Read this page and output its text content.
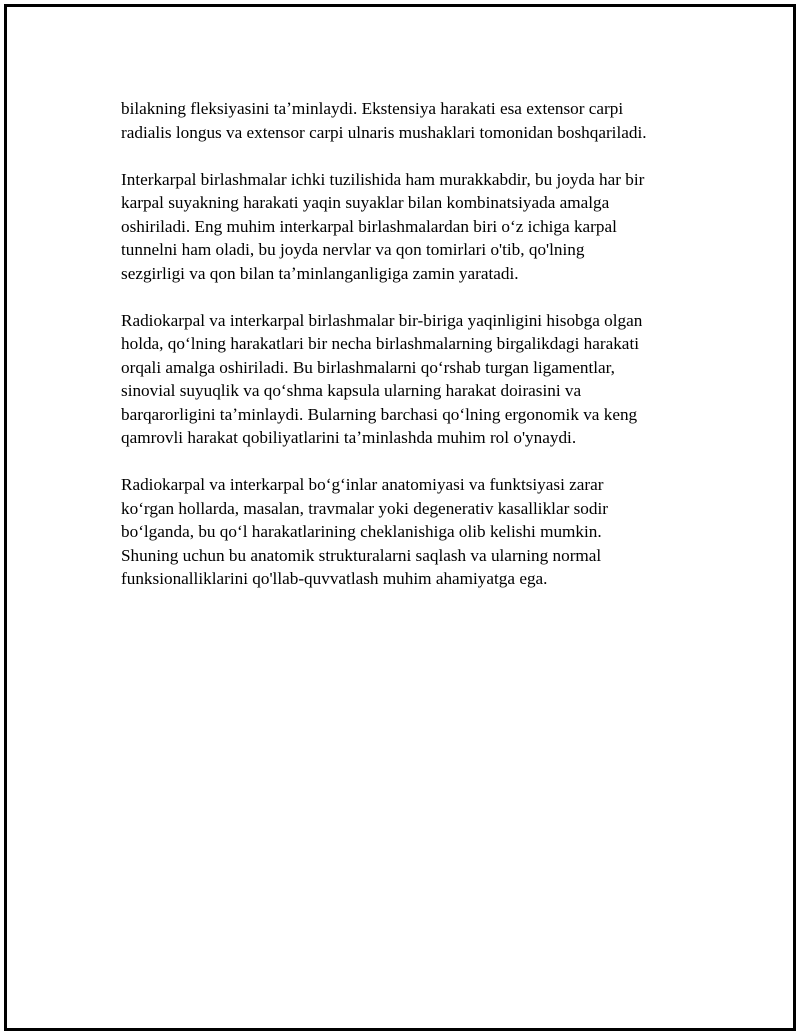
bilakning fleksiyasini taʼminlaydi. Ekstensiya harakati esa extensor carpi
radialis longus va extensor carpi ulnaris mushaklari tomonidan boshqariladi.

Interkarpal birlashmalar ichki tuzilishida ham murakkabdir, bu joyda har bir
karpal suyakning harakati yaqin suyaklar bilan kombinatsiyada amalga
oshiriladi. Eng muhim interkarpal birlashmalardan biri o‘z ichiga karpal
tunnelni ham oladi, bu joyda nervlar va qon tomirlari o'tib, qo'lning
sezgirligi va qon bilan taʼminlanganligiga zamin yaratadi.

Radiokarpal va interkarpal birlashmalar bir-biriga yaqinligini hisobga olgan
holda, qo‘lning harakatlari bir necha birlashmalarning birgalikdagi harakati
orqali amalga oshiriladi. Bu birlashmalarni qo‘rshab turgan ligamentlar,
sinovial suyuqlik va qo‘shma kapsula ularning harakat doirasini va
barqarorligini taʼminlaydi. Bularning barchasi qo‘lning ergonomik va keng
qamrovli harakat qobiliyatlarini taʼminlashda muhim rol o'ynaydi.

Radiokarpal va interkarpal bo‘g‘inlar anatomiyasi va funktsiyasi zarar
ko‘rgan hollarda, masalan, travmalar yoki degenerativ kasalliklar sodir
bo‘lganda, bu qo‘l harakatlarining cheklanishiga olib kelishi mumkin.
Shuning uchun bu anatomik strukturalarni saqlash va ularning normal
funksionalliklarini qo'llab-quvvatlash muhim ahamiyatga ega.
